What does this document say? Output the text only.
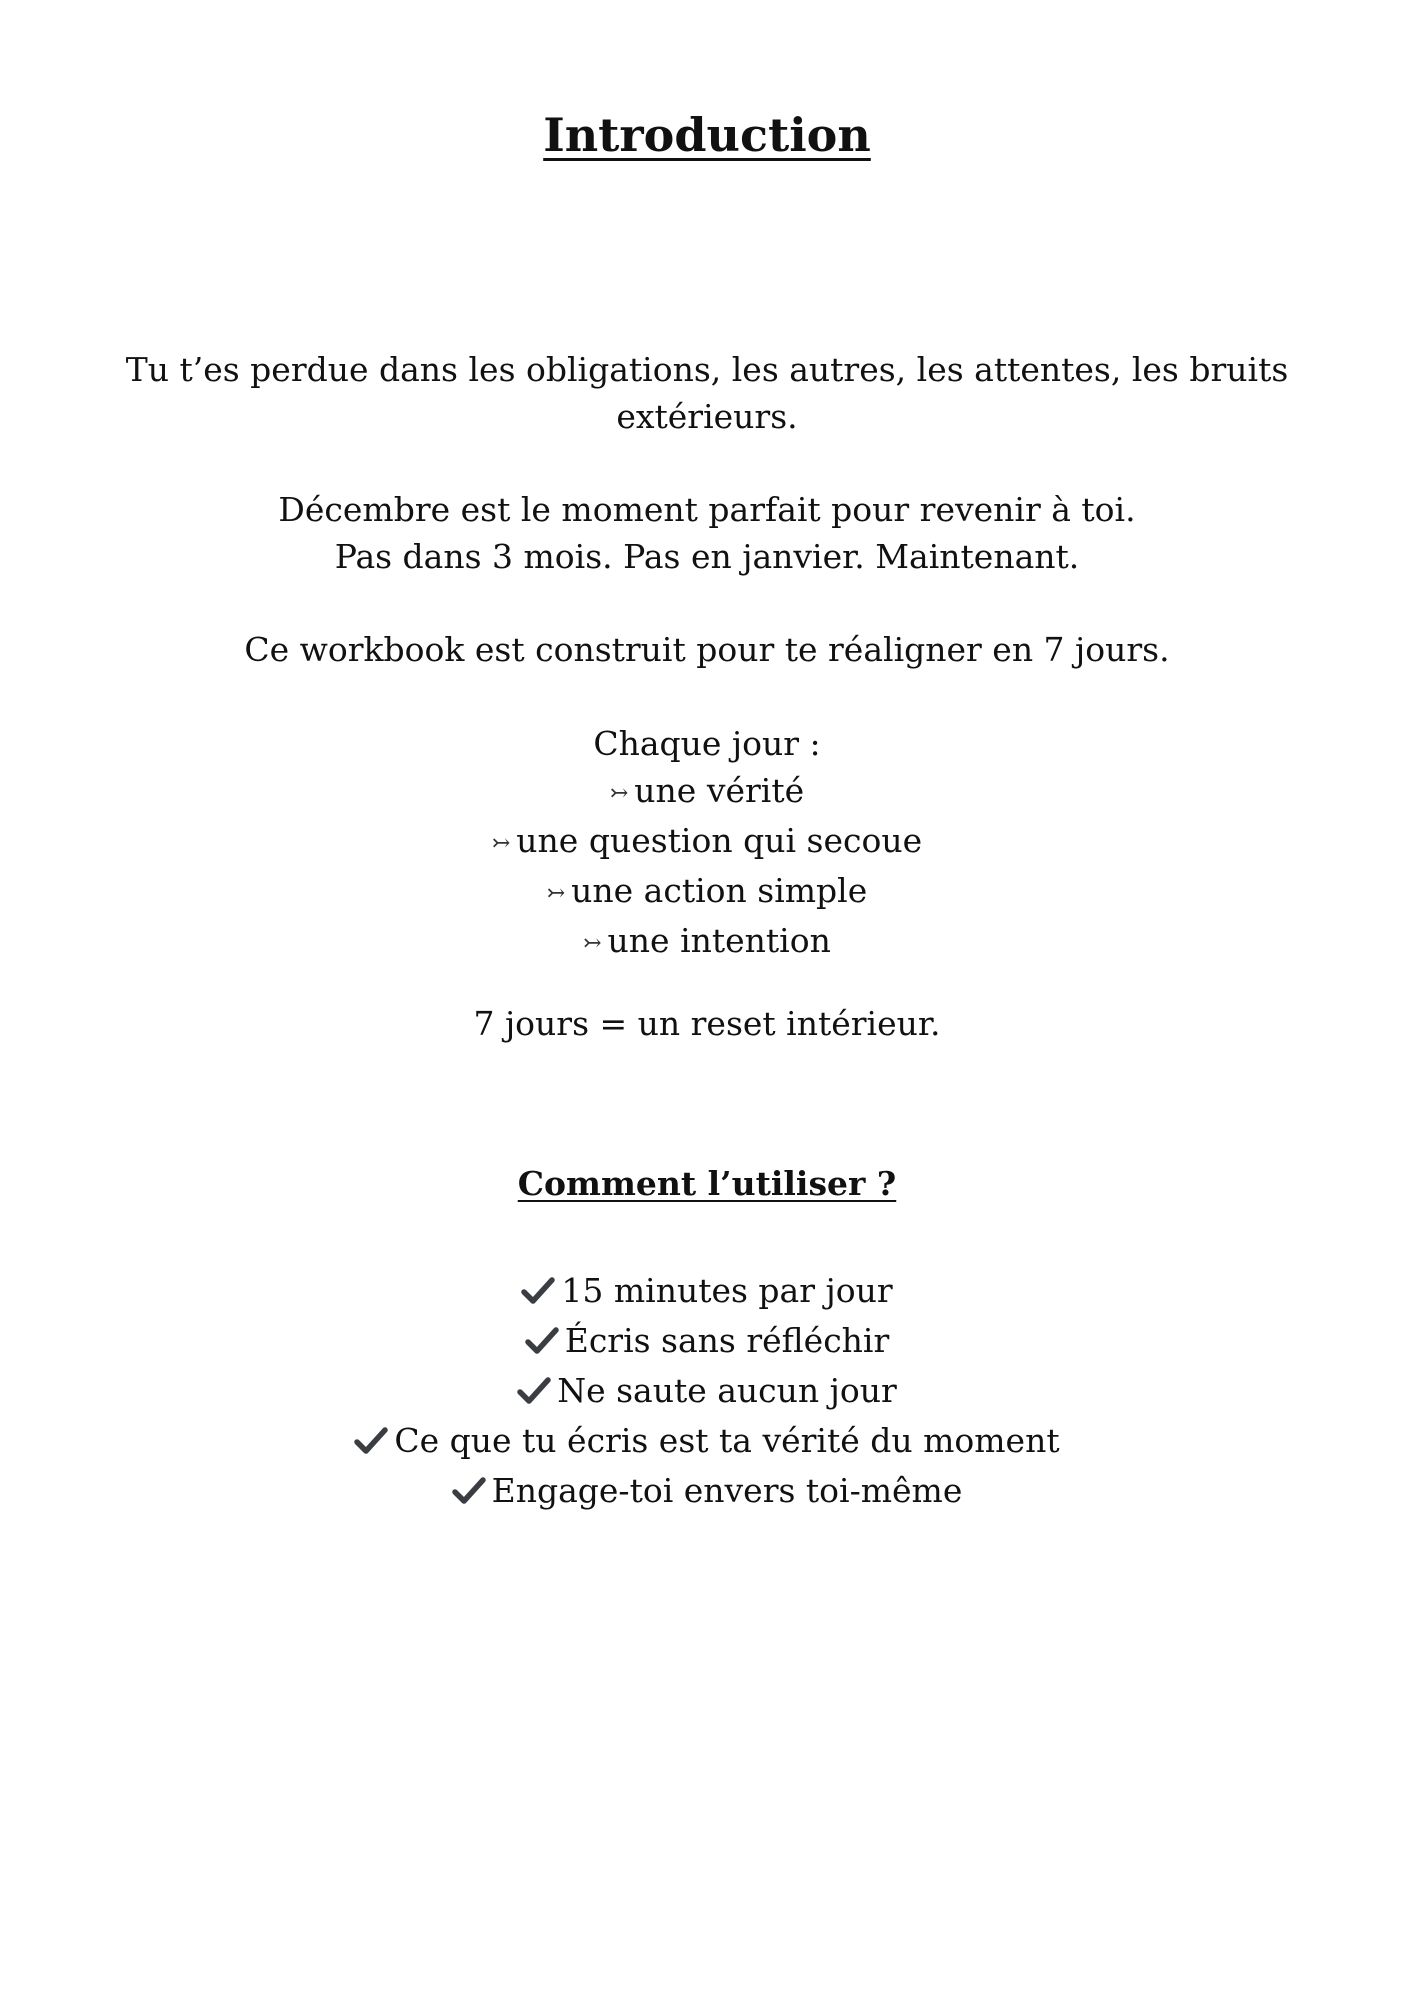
Introduction

Tu t’es perdue dans les obligations, les autres, les attentes, les bruits

extérieurs.

Décembre est le moment parfait pour revenir à toi.

Pas dans 3 mois. Pas en janvier. Maintenant.

Ce workbook est construit pour te réaligner en 7 jours.

Chaque jour :

↣ une vérité

↣ une question qui secoue

↣ une action simple

↣ une intention

7 jours = un reset intérieur.

Comment l’utiliser ?
15 minutes par jour
Écris sans réfléchir
Ne saute aucun jour
Ce que tu écris est ta vérité du moment
Engage-toi envers toi-même
